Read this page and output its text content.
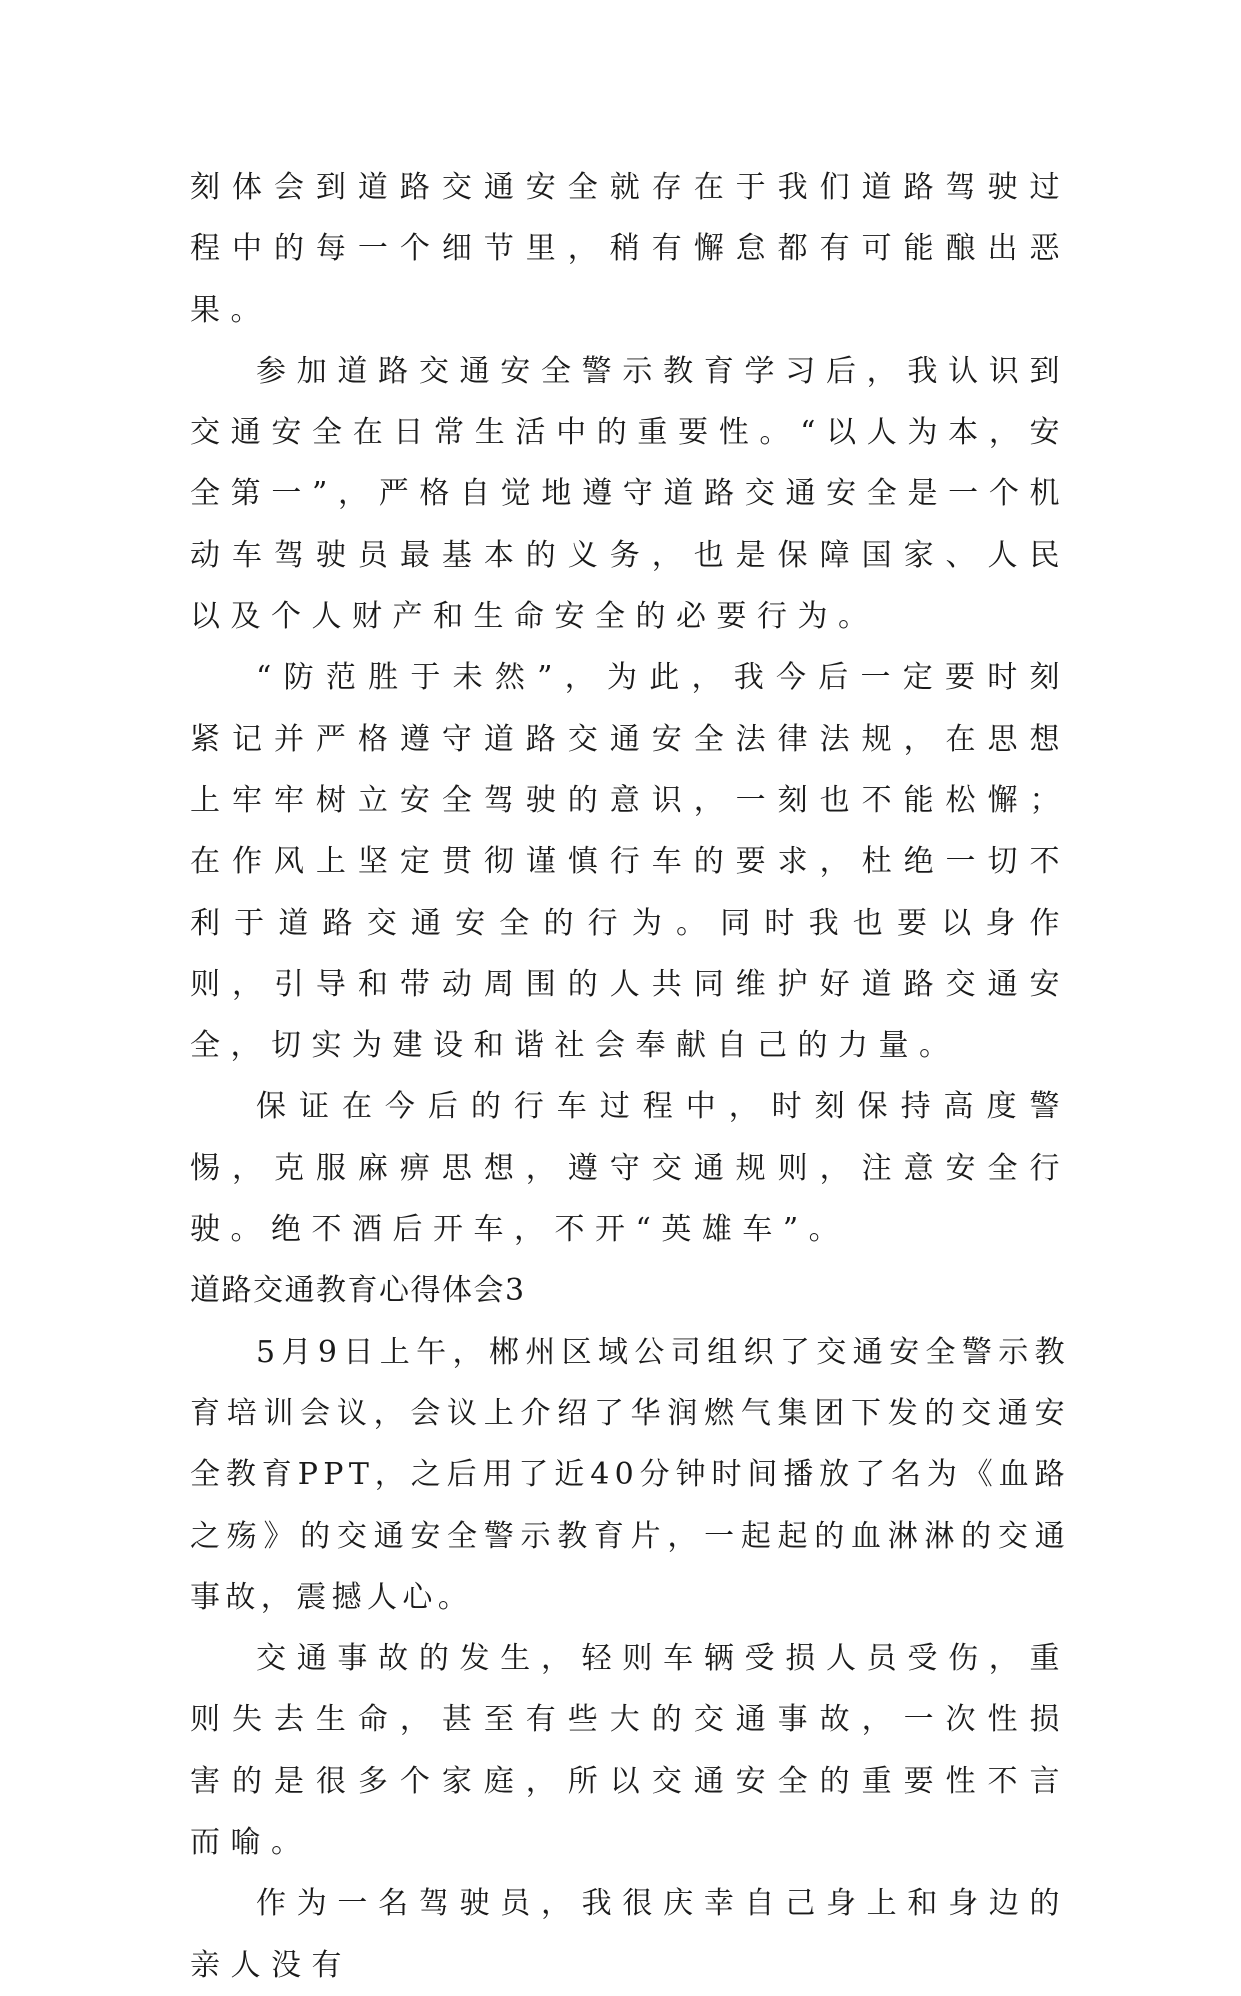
刻体会到道路交通安全就存在于我们道路驾驶过程中的每一个细节里，稍有懈怠都有可能酿出恶果。

参加道路交通安全警示教育学习后，我认识到交通安全在日常生活中的重要性。“以人为本，安全第一”，严格自觉地遵守道路交通安全是一个机动车驾驶员最基本的义务，也是保障国家、人民以及个人财产和生命安全的必要行为。

“防范胜于未然”，为此，我今后一定要时刻紧记并严格遵守道路交通安全法律法规，在思想上牢牢树立安全驾驶的意识，一刻也不能松懈；在作风上坚定贯彻谨慎行车的要求，杜绝一切不利于道路交通安全的行为。同时我也要以身作则，引导和带动周围的人共同维护好道路交通安全，切实为建设和谐社会奉献自己的力量。

保证在今后的行车过程中，时刻保持高度警惕，克服麻痹思想，遵守交通规则，注意安全行驶。绝不酒后开车，不开“英雄车”。

道路交通教育心得体会3

5月9日上午，郴州区域公司组织了交通安全警示教育培训会议，会议上介绍了华润燃气集团下发的交通安全教育PPT，之后用了近40分钟时间播放了名为《血路之殇》的交通安全警示教育片，一起起的血淋淋的交通事故，震撼人心。

交通事故的发生，轻则车辆受损人员受伤，重则失去生命，甚至有些大的交通事故，一次性损害的是很多个家庭，所以交通安全的重要性不言而喻。

作为一名驾驶员，我很庆幸自己身上和身边的亲人没有
